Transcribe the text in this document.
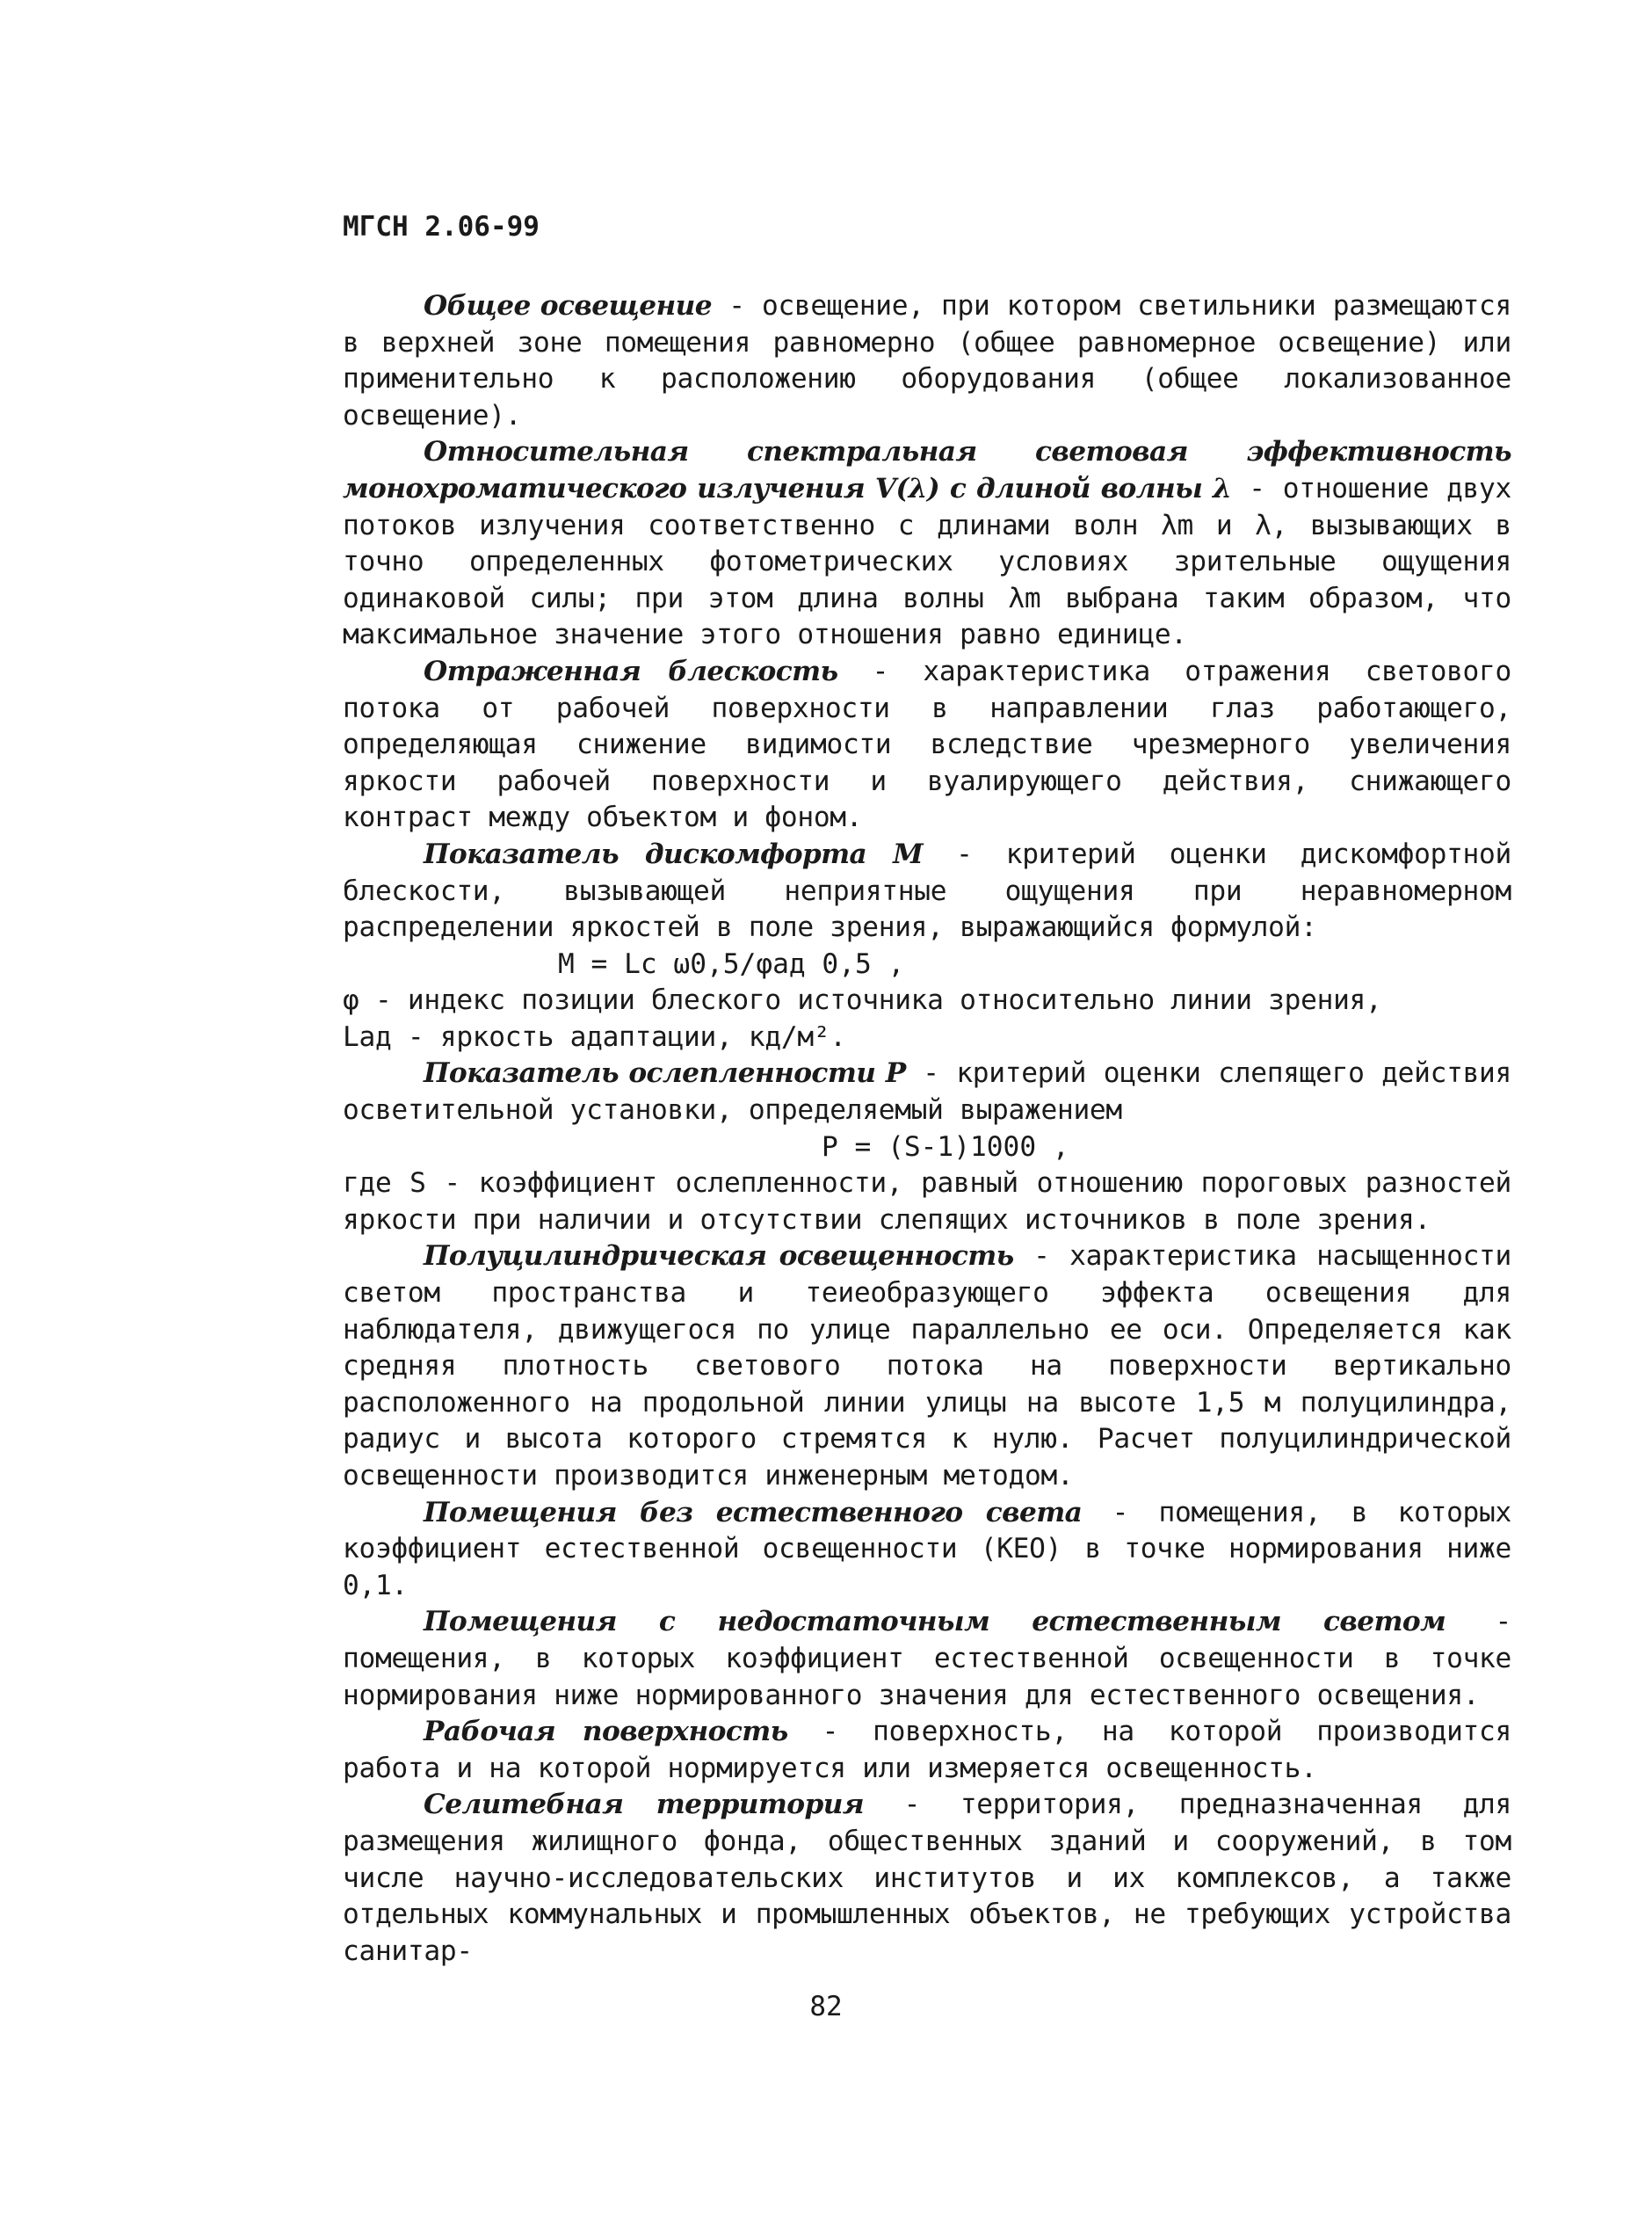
МГСН 2.06-99

Общее освещение - освещение, при котором светильники размещаются в верхней зоне помещения равномерно (общее равномерное освещение) или применительно к расположению оборудования (общее локализованное освещение).

Относительная спектральная световая эффективность монохроматического излучения V(λ) с длиной волны λ - отношение двух потоков излучения соответственно с длинами волн λm и λ, вызывающих в точно определенных фотометрических условиях зрительные ощущения одинаковой силы; при этом длина волны λm выбрана таким образом, что максимальное значение этого отношения равно единице.

Отраженная блескость - характеристика отражения светового потока от рабочей поверхности в направлении глаз работающего, определяющая снижение видимости вследствие чрезмерного увеличения яркости рабочей поверхности и вуалирующего действия, снижающего контраст между объектом и фоном.

Показатель дискомфорта М - критерий оценки дискомфортной блескости, вызывающей неприятные ощущения при неравномерном распределении яркостей в поле зрения, выражающийся формулой:

M = Lc ω0,5/φад 0,5 ,

φ - индекс позиции блеского источника относительно линии зрения,

Lад - яркость адаптации, кд/м².

Показатель ослепленности Р - критерий оценки слепящего действия осветительной установки, определяемый выражением

P = (S-1)1000 ,

где S - коэффициент ослепленности, равный отношению пороговых разностей яркости при наличии и отсутствии слепящих источников в поле зрения.

Полуцилиндрическая освещенность - характеристика насыщенности светом пространства и теиеобразующего эффекта освещения для наблюдателя, движущегося по улице параллельно ее оси. Определяется как средняя плотность светового потока на поверхности вертикально расположенного на продольной линии улицы на высоте 1,5 м полуцилиндра, радиус и высота которого стремятся к нулю. Расчет полуцилиндрической освещенности производится инженерным методом.

Помещения без естественного света - помещения, в которых коэффициент естественной освещенности (КЕО) в точке нормирования ниже 0,1.

Помещения с недостаточным естественным светом - помещения, в которых коэффициент естественной освещенности в точке нормирования ниже нормированного значения для естественного освещения.

Рабочая поверхность - поверхность, на которой производится работа и на которой нормируется или измеряется освещенность.

Селитебная территория - территория, предназначенная для размещения жилищного фонда, общественных зданий и сооружений, в том числе научно-исследовательских институтов и их комплексов, а также отдельных коммунальных и промышленных объектов, не требующих устройства санитар-

82
